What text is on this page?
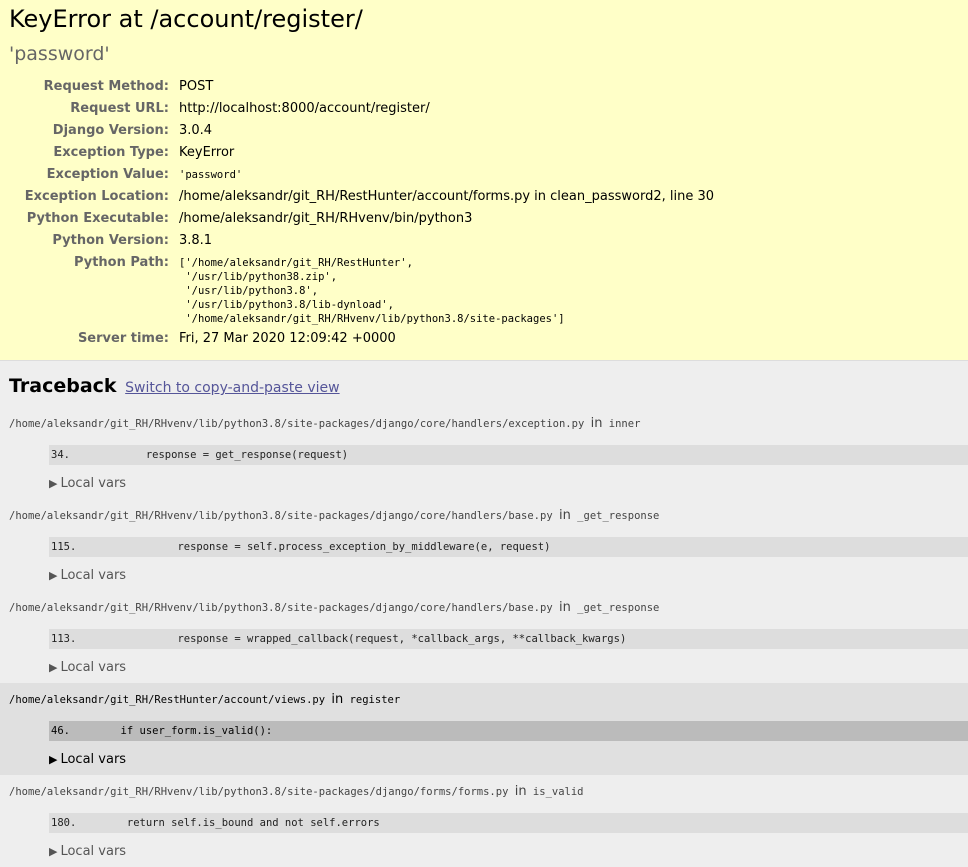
KeyError at /account/register/
'password'
Request Method:	POST
Request URL:	http://localhost:8000/account/register/
Django Version:	3.0.4
Exception Type:	KeyError
Exception Value:	'password'
Exception Location:	/home/aleksandr/git_RH/RestHunter/account/forms.py in clean_password2, line 30
Python Executable:	/home/aleksandr/git_RH/RHvenv/bin/python3
Python Version:	3.8.1
Python Path:	['/home/aleksandr/git_RH/RestHunter',
'/usr/lib/python38.zip',
'/usr/lib/python3.8',
'/usr/lib/python3.8/lib-dynload',
'/home/aleksandr/git_RH/RHvenv/lib/python3.8/site-packages']
Server time:	Fri, 27 Mar 2020 12:09:42 +0000
Traceback Switch to copy-and-paste view
/home/aleksandr/git_RH/RHvenv/lib/python3.8/site-packages/django/core/handlers/exception.py in inner
34.            response = get_response(request)
▶ Local vars
/home/aleksandr/git_RH/RHvenv/lib/python3.8/site-packages/django/core/handlers/base.py in _get_response
115.                response = self.process_exception_by_middleware(e, request)
▶ Local vars
/home/aleksandr/git_RH/RHvenv/lib/python3.8/site-packages/django/core/handlers/base.py in _get_response
113.                response = wrapped_callback(request, *callback_args, **callback_kwargs)
▶ Local vars
/home/aleksandr/git_RH/RestHunter/account/views.py in register
46.        if user_form.is_valid():
▶ Local vars
/home/aleksandr/git_RH/RHvenv/lib/python3.8/site-packages/django/forms/forms.py in is_valid
180.        return self.is_bound and not self.errors
▶ Local vars
